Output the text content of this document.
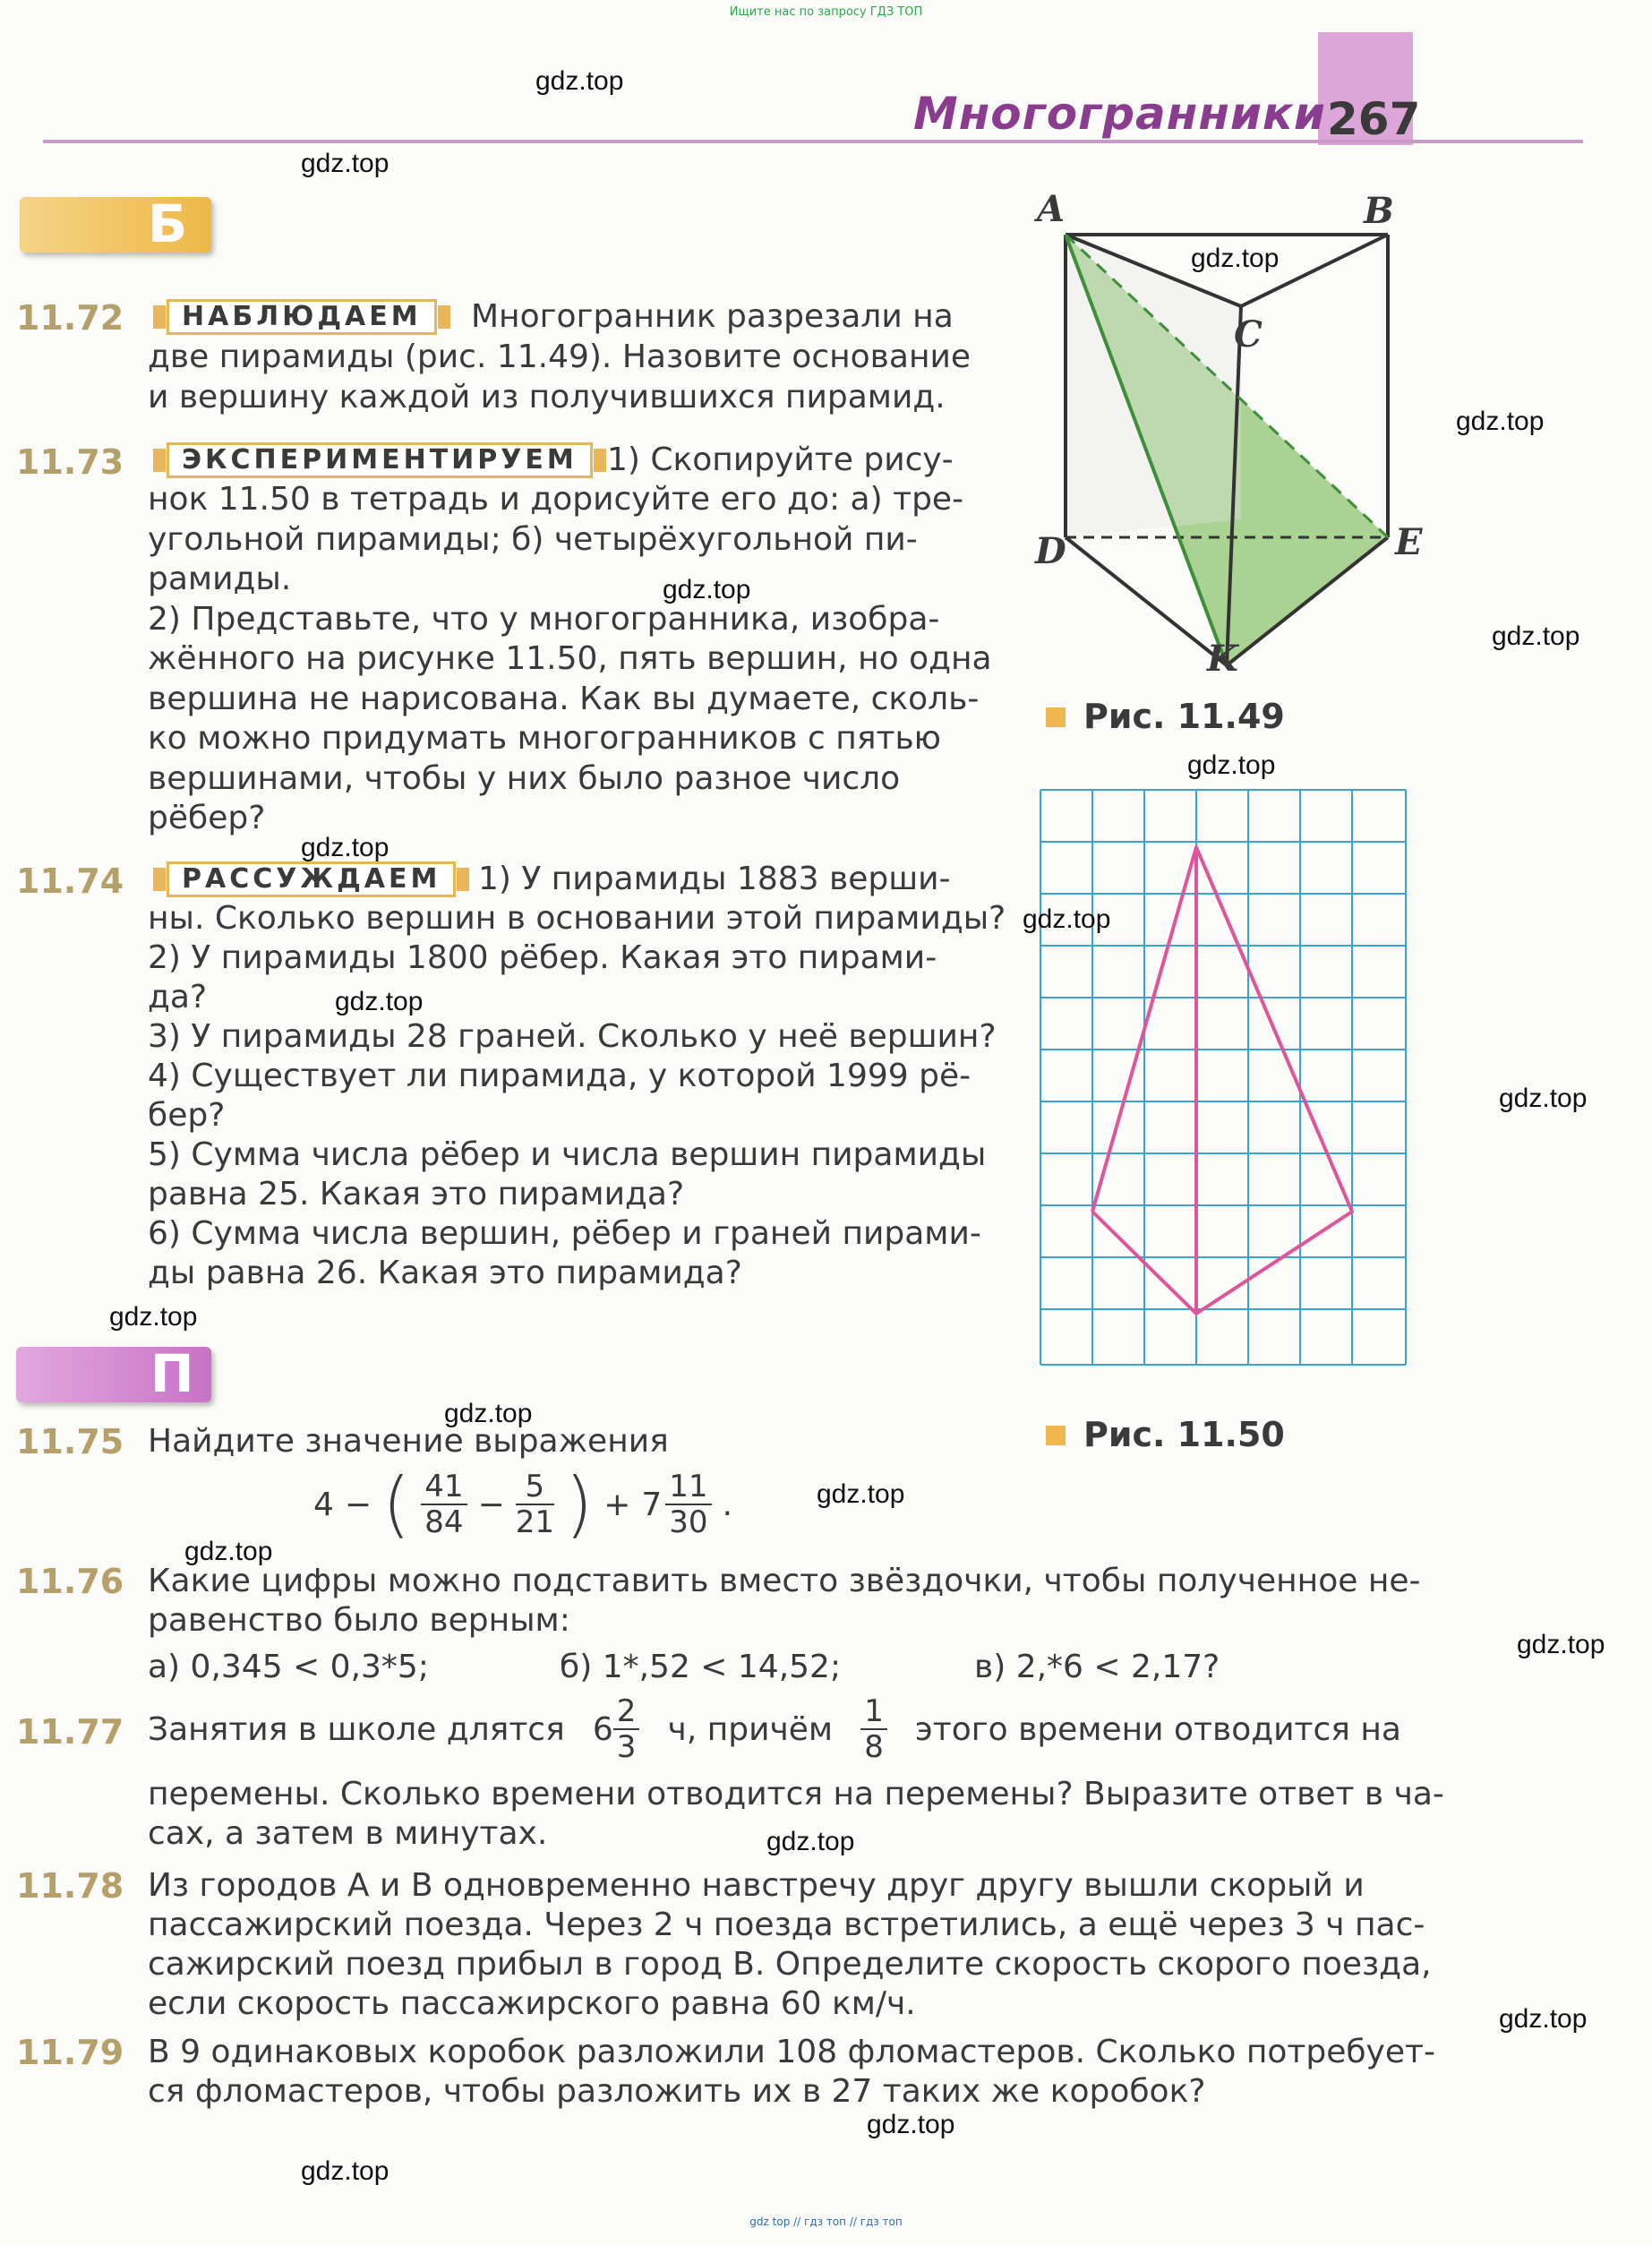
Ищите нас по запросу ГДЗ ТОП
gdz top // гдз топ // гдз топ
Многогранники 267
Б
11.72	НАБЛЮДАЕМ	Многогранник разрезали на
две пирамиды (рис. 11.49). Назовите основание
и вершину каждой из получившихся пирамид.
11.73	ЭКСПЕРИМЕНТИРУЕМ 1) Скопируйте рису-
нок 11.50 в тетрадь и дорисуйте его до: а) тре-
угольной пирамиды; б) четырёхугольной пи-
рамиды.
2) Представьте, что у многогранника, изобра-
жённого на рисунке 11.50, пять вершин, но одна
вершина не нарисована. Как вы думаете, сколь-
ко можно придумать многогранников с пятью
вершинами, чтобы у них было разное число
рёбер?
11.74	РАССУЖДАЕМ	1) У пирамиды 1883 верши-
ны. Сколько вершин в основании этой пирамиды?
2) У пирамиды 1800 рёбер. Какая это пирами-
да?
3) У пирамиды 28 граней. Сколько у неё вершин?
4) Существует ли пирамида, у которой 1999 рё-
бер?
5) Сумма числа рёбер и числа вершин пирамиды
равна 25. Какая это пирамида?
6) Сумма числа вершин, рёбер и граней пирами-
ды равна 26. Какая это пирамида?
П
11.75 Найдите значение выражения
4 − ( $\frac{41}{84} - \frac{5}{21}$ ) + $7 \frac{11}{30}$ .
11.76 Какие цифры можно подставить вместо звёздочки, чтобы полученное не-
равенство было верным:
а) 0,345 < 0,3*5;	б) 1*,52 < 14,52;	в) 2,*6 < 2,17?
11.77 Занятия в школе длятся $6 \frac{2}{3} ч$, причём $\frac{1}{8}$ этого времени отводится на
перемены. Сколько времени отводится на перемены? Выразите ответ в ча-
сах, а затем в минутах.
11.78 Из городов A и B одновременно навстречу друг другу вышли скорый и
пассажирский поезда. Через 2 ч поезда встретились, а ещё через 3 ч пас-
сажирский поезд прибыл в город B. Определите скорость скорого поезда,
если скорость пассажирского равна 60 км/ч.
11.79 В 9 одинаковых коробок разложили 108 фломастеров. Сколько потребует-
ся фломастеров, чтобы разложить их в 27 таких же коробок?
A	B
C
D	E
K
Рис. 11.49
Рис. 11.50
gdz.top
gdz.top
gdz.top
gdz.top
gdz.top
gdz.top
gdz.top
gdz.top
gdz.top
gdz.top
gdz.top
gdz.top
gdz.top
gdz.top
gdz.top
gdz.top
gdz.top
gdz.top
gdz.top
gdz.top
